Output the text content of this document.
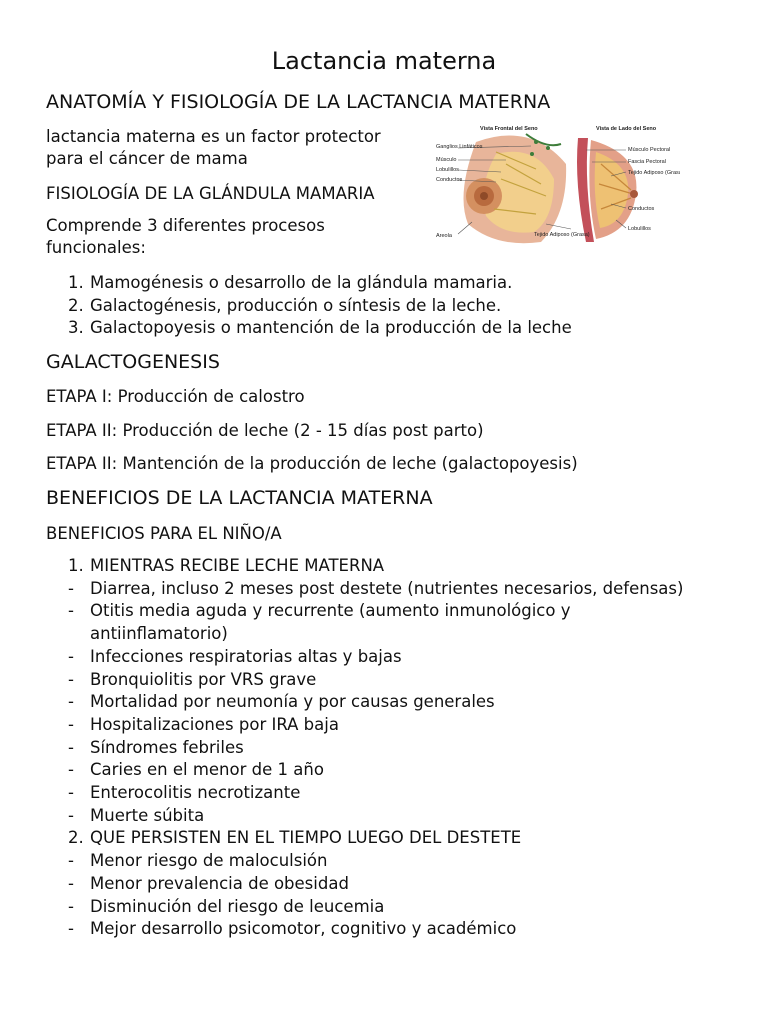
Lactancia materna
ANATOMÍA Y FISIOLOGÍA DE LA LACTANCIA MATERNA
lactancia materna es un factor protector para el cáncer de mama
FISIOLOGÍA DE LA GLÁNDULA MAMARIA
Comprende 3 diferentes procesos funcionales:
Vista Frontal del Seno	Vista de Lado del Seno
Ganglios Linfáticos
Músculo
Lobulillos
Conductos
Areola	Tejido Adiposo (Grasa)
Músculo Pectoral
Fascia Pectoral
Tejido Adiposo (Grasa)
Conductos
Lobulillos
1. Mamogénesis o desarrollo de la glándula mamaria.
2. Galactogénesis, producción o síntesis de la leche.
3. Galactopoyesis o mantención de la producción de la leche
GALACTOGENESIS
ETAPA I: Producción de calostro
ETAPA II: Producción de leche (2 - 15 días post parto)
ETAPA II: Mantención de la producción de leche (galactopoyesis)
BENEFICIOS DE LA LACTANCIA MATERNA
BENEFICIOS PARA EL NIÑO/A
1. MIENTRAS RECIBE LECHE MATERNA
- Diarrea, incluso 2 meses post destete (nutrientes necesarios, defensas)
- Otitis media aguda y recurrente (aumento inmunológico y antiinflamatorio)
- Infecciones respiratorias altas y bajas
- Bronquiolitis por VRS grave
- Mortalidad por neumonía y por causas generales
- Hospitalizaciones por IRA baja
- Síndromes febriles
- Caries en el menor de 1 año
- Enterocolitis necrotizante
- Muerte súbita
2. QUE PERSISTEN EN EL TIEMPO LUEGO DEL DESTETE
- Menor riesgo de maloculsión
- Menor prevalencia de obesidad
- Disminución del riesgo de leucemia
- Mejor desarrollo psicomotor, cognitivo y académico
